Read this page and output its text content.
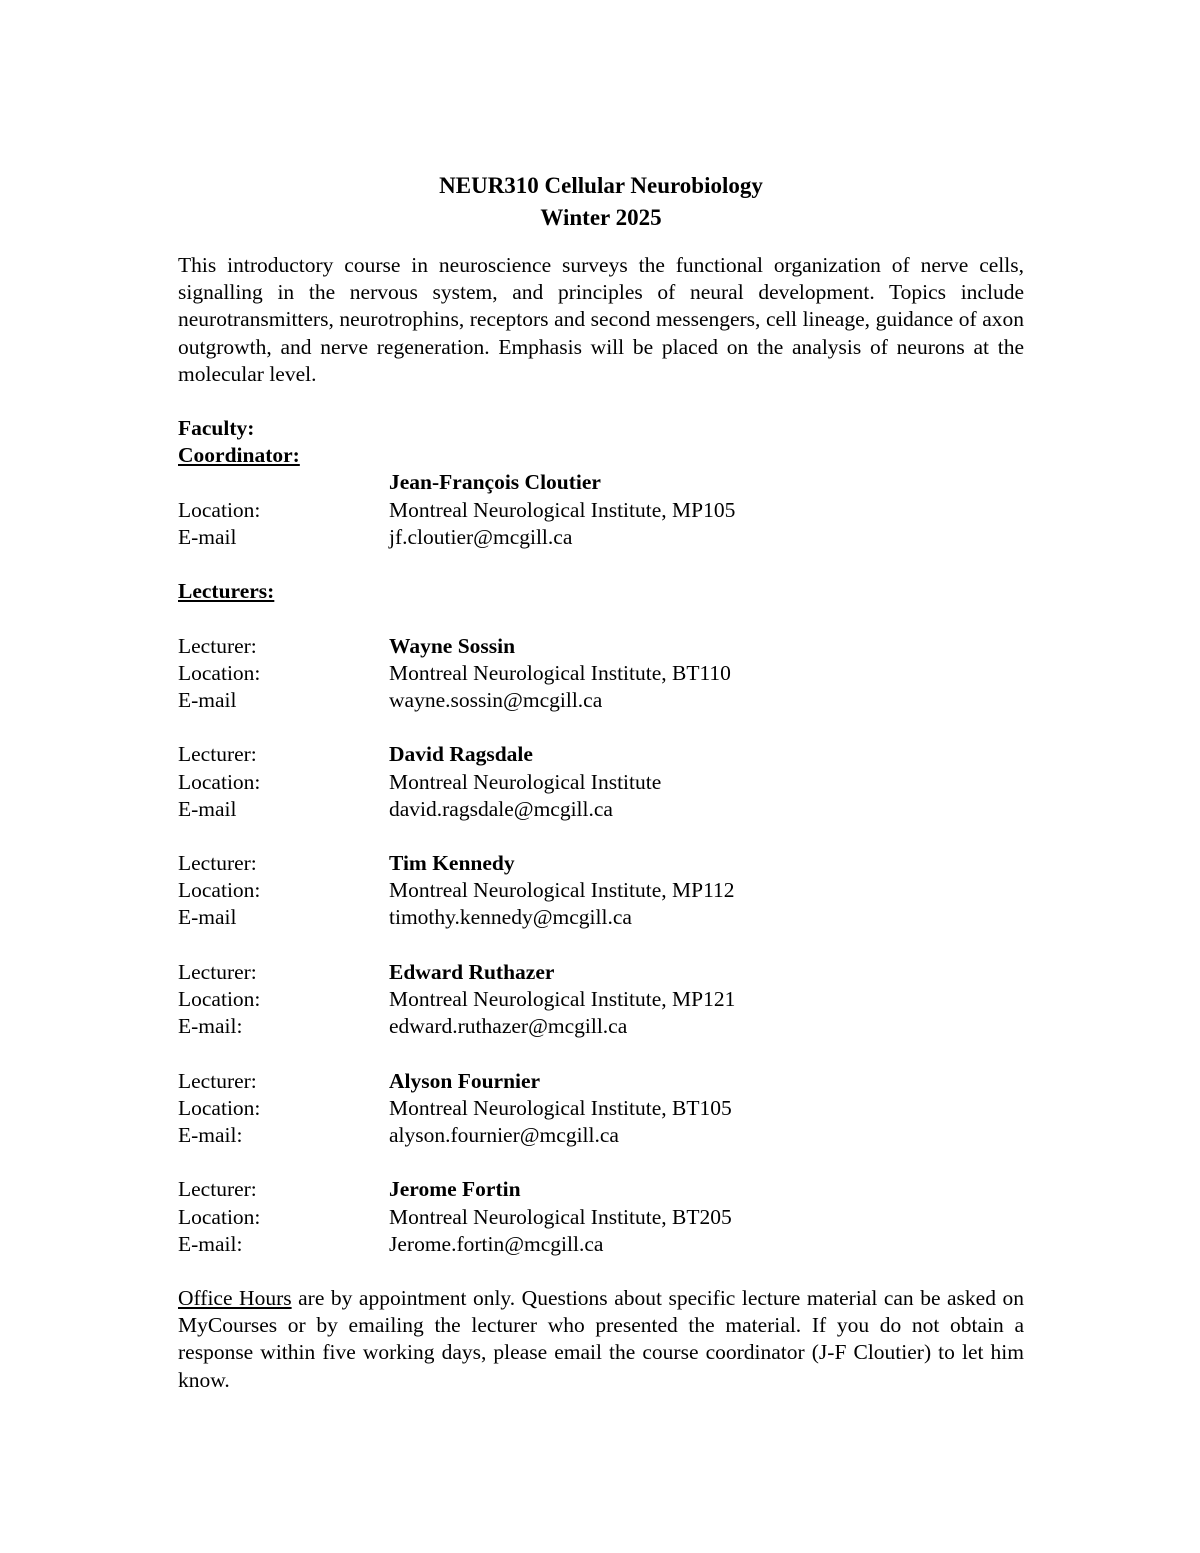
NEUR310 Cellular Neurobiology
Winter 2025

This introductory course in neuroscience surveys the functional organization of nerve cells, signalling in the nervous system, and principles of neural development. Topics include neurotransmitters, neurotrophins, receptors and second messengers, cell lineage, guidance of axon outgrowth, and nerve regeneration. Emphasis will be placed on the analysis of neurons at the molecular level.

Faculty:
Coordinator:
Jean-François Cloutier
Location:	Montreal Neurological Institute, MP105
E-mail	jf.cloutier@mcgill.ca
Lecturers:
Lecturer:	Wayne Sossin
Location:	Montreal Neurological Institute, BT110
E-mail	wayne.sossin@mcgill.ca
Lecturer:	David Ragsdale
Location:	Montreal Neurological Institute
E-mail	david.ragsdale@mcgill.ca
Lecturer:	Tim Kennedy
Location:	Montreal Neurological Institute, MP112
E-mail	timothy.kennedy@mcgill.ca
Lecturer:	Edward Ruthazer
Location:	Montreal Neurological Institute, MP121
E-mail:	edward.ruthazer@mcgill.ca
Lecturer:	Alyson Fournier
Location:	Montreal Neurological Institute, BT105
E-mail:	alyson.fournier@mcgill.ca
Lecturer:	Jerome Fortin
Location:	Montreal Neurological Institute, BT205
E-mail:	Jerome.fortin@mcgill.ca

Office Hours are by appointment only. Questions about specific lecture material can be asked on MyCourses or by emailing the lecturer who presented the material. If you do not obtain a response within five working days, please email the course coordinator (J-F Cloutier) to let him know.
